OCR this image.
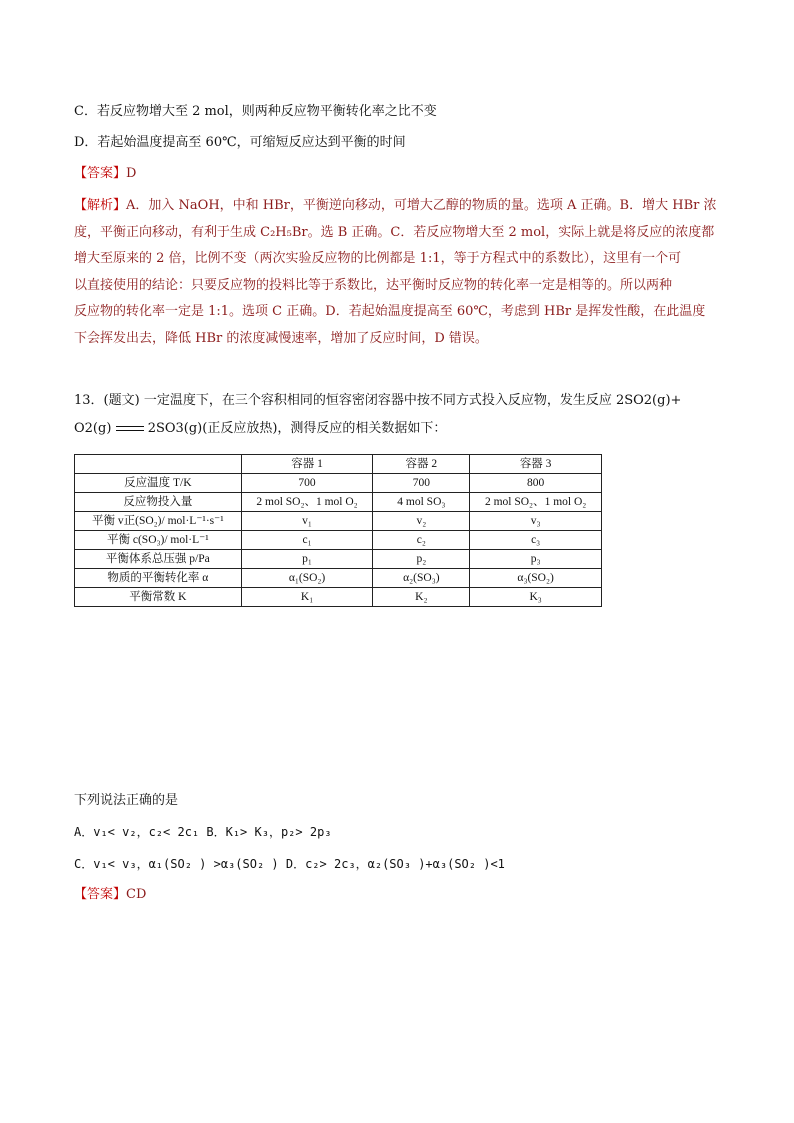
C．若反应物增大至 2 mol，则两种反应物平衡转化率之比不变
D．若起始温度提高至 60℃，可缩短反应达到平衡的时间
【答案】D

【解析】A．加入 NaOH，中和 HBr，平衡逆向移动，可增大乙醇的物质的量。选项 A 正确。B．增大 HBr 浓

度，平衡正向移动，有利于生成 C₂H₅Br。选 B 正确。C．若反应物增大至 2 mol，实际上就是将反应的浓度都

增大至原来的 2 倍，比例不变（两次实验反应物的比例都是 1:1，等于方程式中的系数比），这里有一个可

以直接使用的结论：只要反应物的投料比等于系数比，达平衡时反应物的转化率一定是相等的。所以两种

反应物的转化率一定是 1:1。选项 C 正确。D．若起始温度提高至 60℃，考虑到 HBr 是挥发性酸，在此温度

下会挥发出去，降低 HBr 的浓度减慢速率，增加了反应时间，D 错误。

13．(题文) 一定温度下，在三个容积相同的恒容密闭容器中按不同方式投入反应物，发生反应 2SO2(g)+
O2(g)	2SO3(g)(正反应放热)，测得反应的相关数据如下：
	容器 1	容器 2	容器 3
反应温度 T/K	700	700	800
反应物投入量	2 mol SO₂、1 mol O₂	4 mol SO₃	2 mol SO₂、1 mol O₂
平衡 v正(SO₂)/ mol·L⁻¹·s⁻¹	v₁	v₂	v₃
平衡 c(SO₃)/ mol·L⁻¹	c₁	c₂	c₃
平衡体系总压强 p/Pa	p₁	p₂	p₃
物质的平衡转化率 α	α₁(SO₂)	α₂(SO₃)	α₃(SO₂)
平衡常数 K	K₁	K₂	K₃
下列说法正确的是
A．v₁< v₂，c₂< 2c₁ B．K₁> K₃，p₂> 2p₃
C．v₁< v₃，α₁(SO₂ ) >α₃(SO₂ ) D．c₂> 2c₃，α₂(SO₃ )+α₃(SO₂ )<1
【答案】CD
